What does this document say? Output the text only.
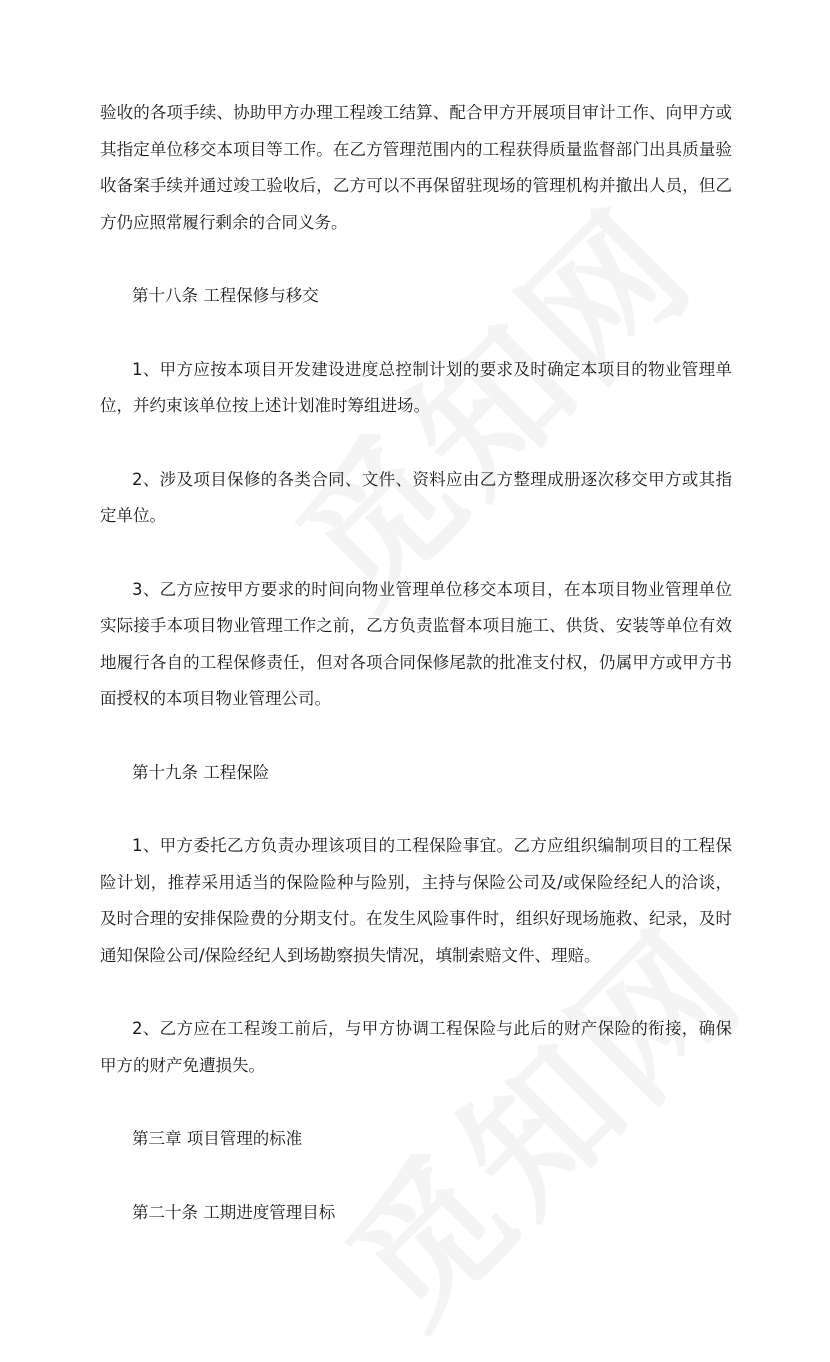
验收的各项手续、协助甲方办理工程竣工结算、配合甲方开展项目审计工作、向甲方或其指定单位移交本项目等工作。在乙方管理范围内的工程获得质量监督部门出具质量验收备案手续并通过竣工验收后，乙方可以不再保留驻现场的管理机构并撤出人员，但乙方仍应照常履行剩余的合同义务。

第十八条 工程保修与移交

1、甲方应按本项目开发建设进度总控制计划的要求及时确定本项目的物业管理单位，并约束该单位按上述计划准时筹组进场。

2、涉及项目保修的各类合同、文件、资料应由乙方整理成册逐次移交甲方或其指定单位。

3、乙方应按甲方要求的时间向物业管理单位移交本项目，在本项目物业管理单位实际接手本项目物业管理工作之前，乙方负责监督本项目施工、供货、安装等单位有效地履行各自的工程保修责任，但对各项合同保修尾款的批准支付权，仍属甲方或甲方书面授权的本项目物业管理公司。

第十九条 工程保险

1、甲方委托乙方负责办理该项目的工程保险事宜。乙方应组织编制项目的工程保险计划，推荐采用适当的保险险种与险别，主持与保险公司及/或保险经纪人的洽谈，及时合理的安排保险费的分期支付。在发生风险事件时，组织好现场施救、纪录，及时通知保险公司/保险经纪人到场勘察损失情况，填制索赔文件、理赔。

2、乙方应在工程竣工前后，与甲方协调工程保险与此后的财产保险的衔接，确保甲方的财产免遭损失。

第三章 项目管理的标准

第二十条 工期进度管理目标
